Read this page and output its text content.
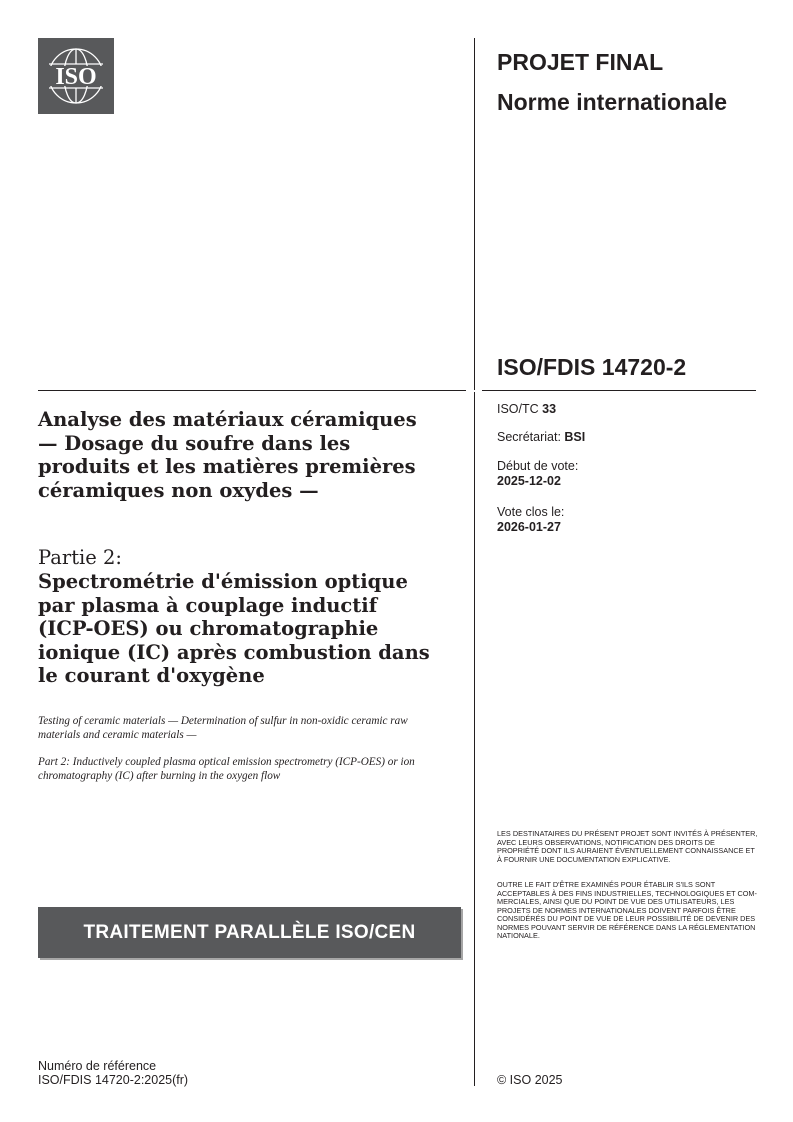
ISO
PROJET FINAL
Norme internationale
ISO/FDIS 14720-2
ISO/TC 33
Secrétariat: BSI
Début de vote:
2025-12-02
Vote clos le:
2026-01-27
Analyse des matériaux céramiques — Dosage du soufre dans les produits et les matières premières céramiques non oxydes —
Partie 2:
Spectrométrie d'émission optique par plasma à couplage inductif (ICP-OES) ou chromatographie ionique (IC) après combustion dans le courant d'oxygène
Testing of ceramic materials — Determination of sulfur in non-oxidic ceramic raw materials and ceramic materials —
Part 2: Inductively coupled plasma optical emission spectrometry (ICP-OES) or ion chromatography (IC) after burning in the oxygen flow
TRAITEMENT PARALLÈLE ISO/CEN
LES DESTINATAIRES DU PRÉSENT PROJET SONT INVITÉS À PRÉSENTER, AVEC LEURS OBSERVATIONS, NOTIFICATION DES DROITS DE PROPRIÉTÉ DONT ILS AURAIENT ÉVENTUELLEMENT CONNAISSANCE ET À FOURNIR UNE DOCUMENTATION EXPLICATIVE.
OUTRE LE FAIT D'ÊTRE EXAMINÉS POUR ÉTABLIR S'ILS SONT ACCEPTABLES À DES FINS INDUSTRIELLES, TECHNOLOGIQUES ET COM-MERCIALES, AINSI QUE DU POINT DE VUE DES UTILISATEURS, LES PROJETS DE NORMES INTERNATIONALES DOIVENT PARFOIS ÊTRE CONSIDÉRÉS DU POINT DE VUE DE LEUR POSSIBILITÉ DE DEVENIR DES NORMES POUVANT SERVIR DE RÉFÉRENCE DANS LA RÉGLEMENTATION NATIONALE.
Numéro de référence
ISO/FDIS 14720-2:2025(fr)	© ISO 2025
